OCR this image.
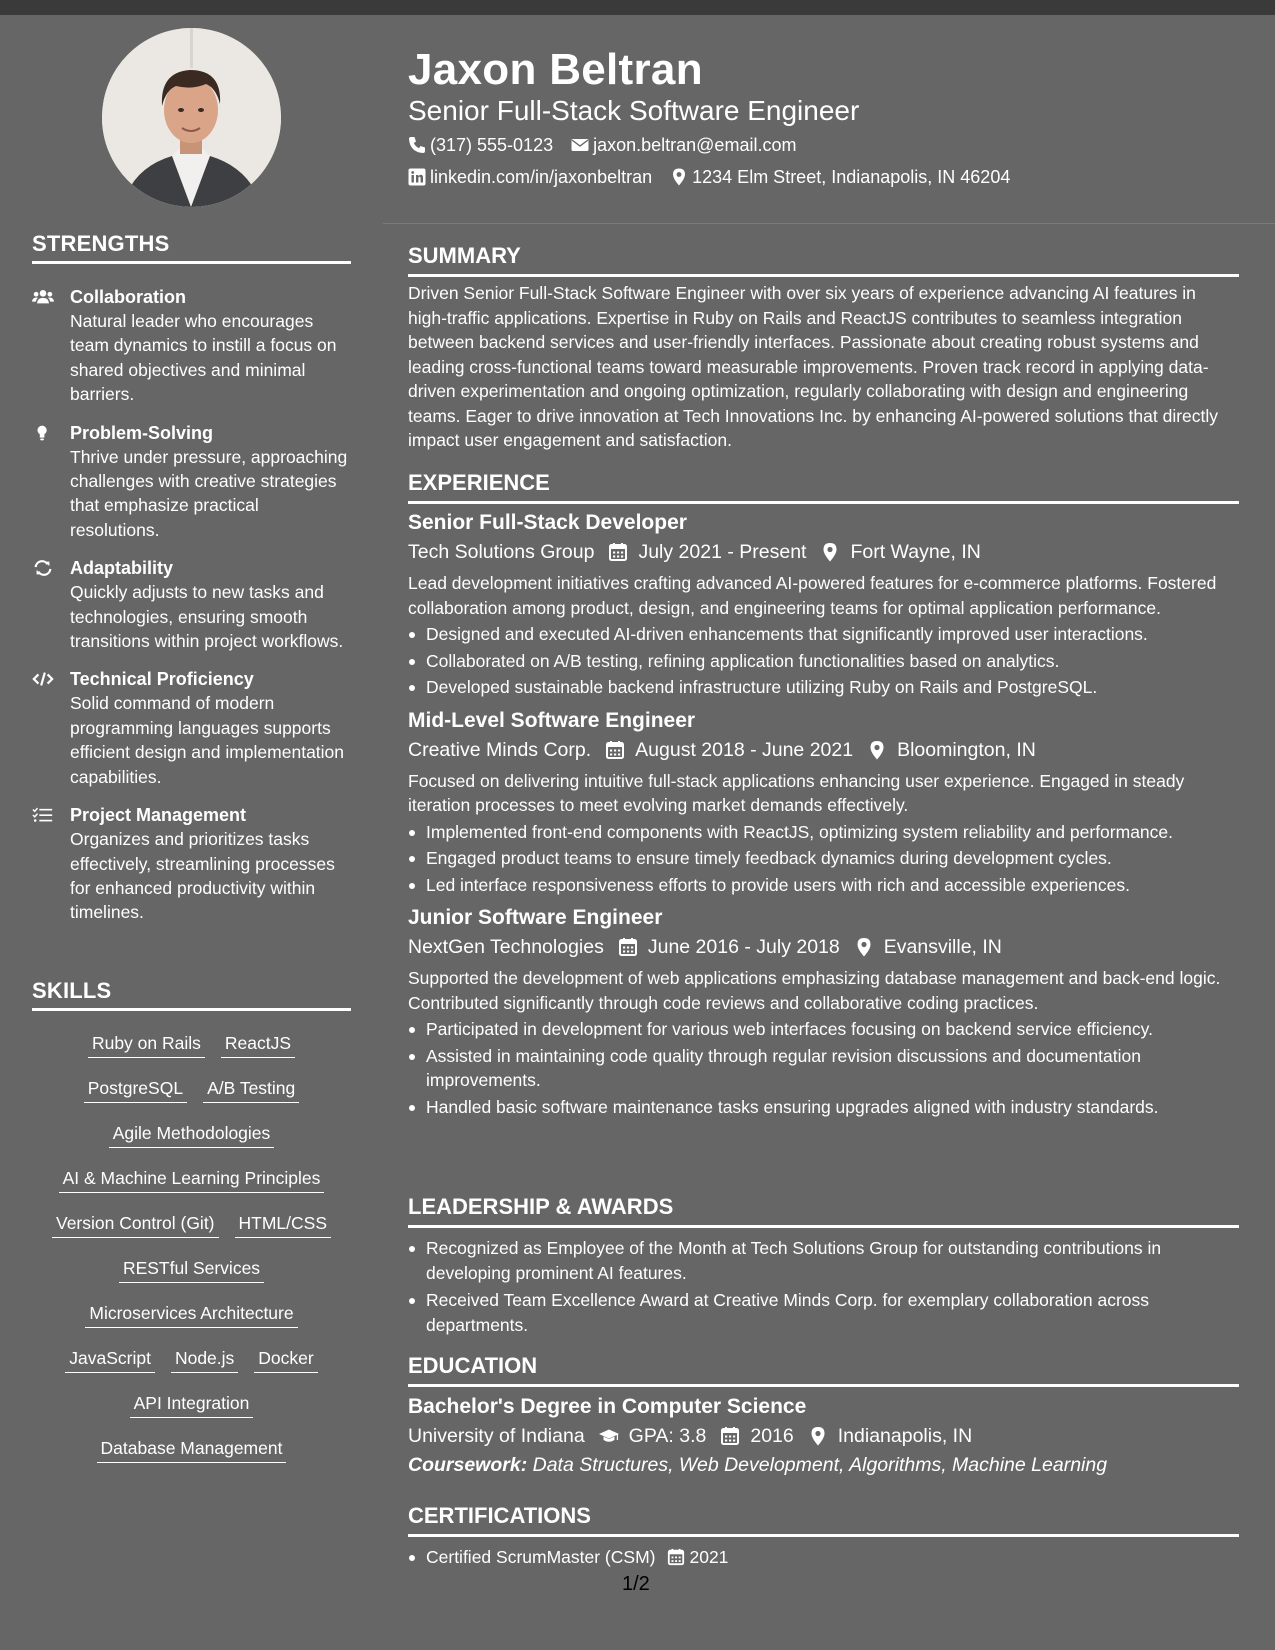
STRENGTHS
Collaboration
Natural leader who encourages team dynamics to instill a focus on shared objectives and minimal barriers.
Problem-Solving
Thrive under pressure, approaching challenges with creative strategies that emphasize practical resolutions.
Adaptability
Quickly adjusts to new tasks and technologies, ensuring smooth transitions within project workflows.
Technical Proficiency
Solid command of modern programming languages supports efficient design and implementation capabilities.
Project Management
Organizes and prioritizes tasks effectively, streamlining processes for enhanced productivity within timelines.
SKILLS
Ruby on Rails ReactJS
PostgreSQL A/B Testing
Agile Methodologies
AI & Machine Learning Principles
Version Control (Git) HTML/CSS
RESTful Services
Microservices Architecture
JavaScript Node.js Docker
API Integration
Database Management
Jaxon Beltran
Senior Full-Stack Software Engineer
(317) 555-0123 jaxon.beltran@email.com
linkedin.com/in/jaxonbeltran 1234 Elm Street, Indianapolis, IN 46204
SUMMARY
Driven Senior Full-Stack Software Engineer with over six years of experience advancing AI features in high-traffic applications. Expertise in Ruby on Rails and ReactJS contributes to seamless integration between backend services and user-friendly interfaces. Passionate about creating robust systems and leading cross-functional teams toward measurable improvements. Proven track record in applying data-driven experimentation and ongoing optimization, regularly collaborating with design and engineering teams. Eager to drive innovation at Tech Innovations Inc. by enhancing AI-powered solutions that directly impact user engagement and satisfaction.
EXPERIENCE
Senior Full-Stack Developer
Tech Solutions Group July 2021 - Present Fort Wayne, IN
Lead development initiatives crafting advanced AI-powered features for e-commerce platforms. Fostered collaboration among product, design, and engineering teams for optimal application performance.
Designed and executed AI-driven enhancements that significantly improved user interactions.
Collaborated on A/B testing, refining application functionalities based on analytics.
Developed sustainable backend infrastructure utilizing Ruby on Rails and PostgreSQL.
Mid-Level Software Engineer
Creative Minds Corp. August 2018 - June 2021 Bloomington, IN
Focused on delivering intuitive full-stack applications enhancing user experience. Engaged in steady iteration processes to meet evolving market demands effectively.
Implemented front-end components with ReactJS, optimizing system reliability and performance.
Engaged product teams to ensure timely feedback dynamics during development cycles.
Led interface responsiveness efforts to provide users with rich and accessible experiences.
Junior Software Engineer
NextGen Technologies June 2016 - July 2018 Evansville, IN
Supported the development of web applications emphasizing database management and back-end logic. Contributed significantly through code reviews and collaborative coding practices.
Participated in development for various web interfaces focusing on backend service efficiency.
Assisted in maintaining code quality through regular revision discussions and documentation improvements.
Handled basic software maintenance tasks ensuring upgrades aligned with industry standards.
LEADERSHIP & AWARDS
Recognized as Employee of the Month at Tech Solutions Group for outstanding contributions in developing prominent AI features.
Received Team Excellence Award at Creative Minds Corp. for exemplary collaboration across departments.
EDUCATION
Bachelor's Degree in Computer Science
University of Indiana GPA: 3.8 2016 Indianapolis, IN
Coursework: Data Structures, Web Development, Algorithms, Machine Learning
CERTIFICATIONS
Certified ScrumMaster (CSM) 2021
1/2
